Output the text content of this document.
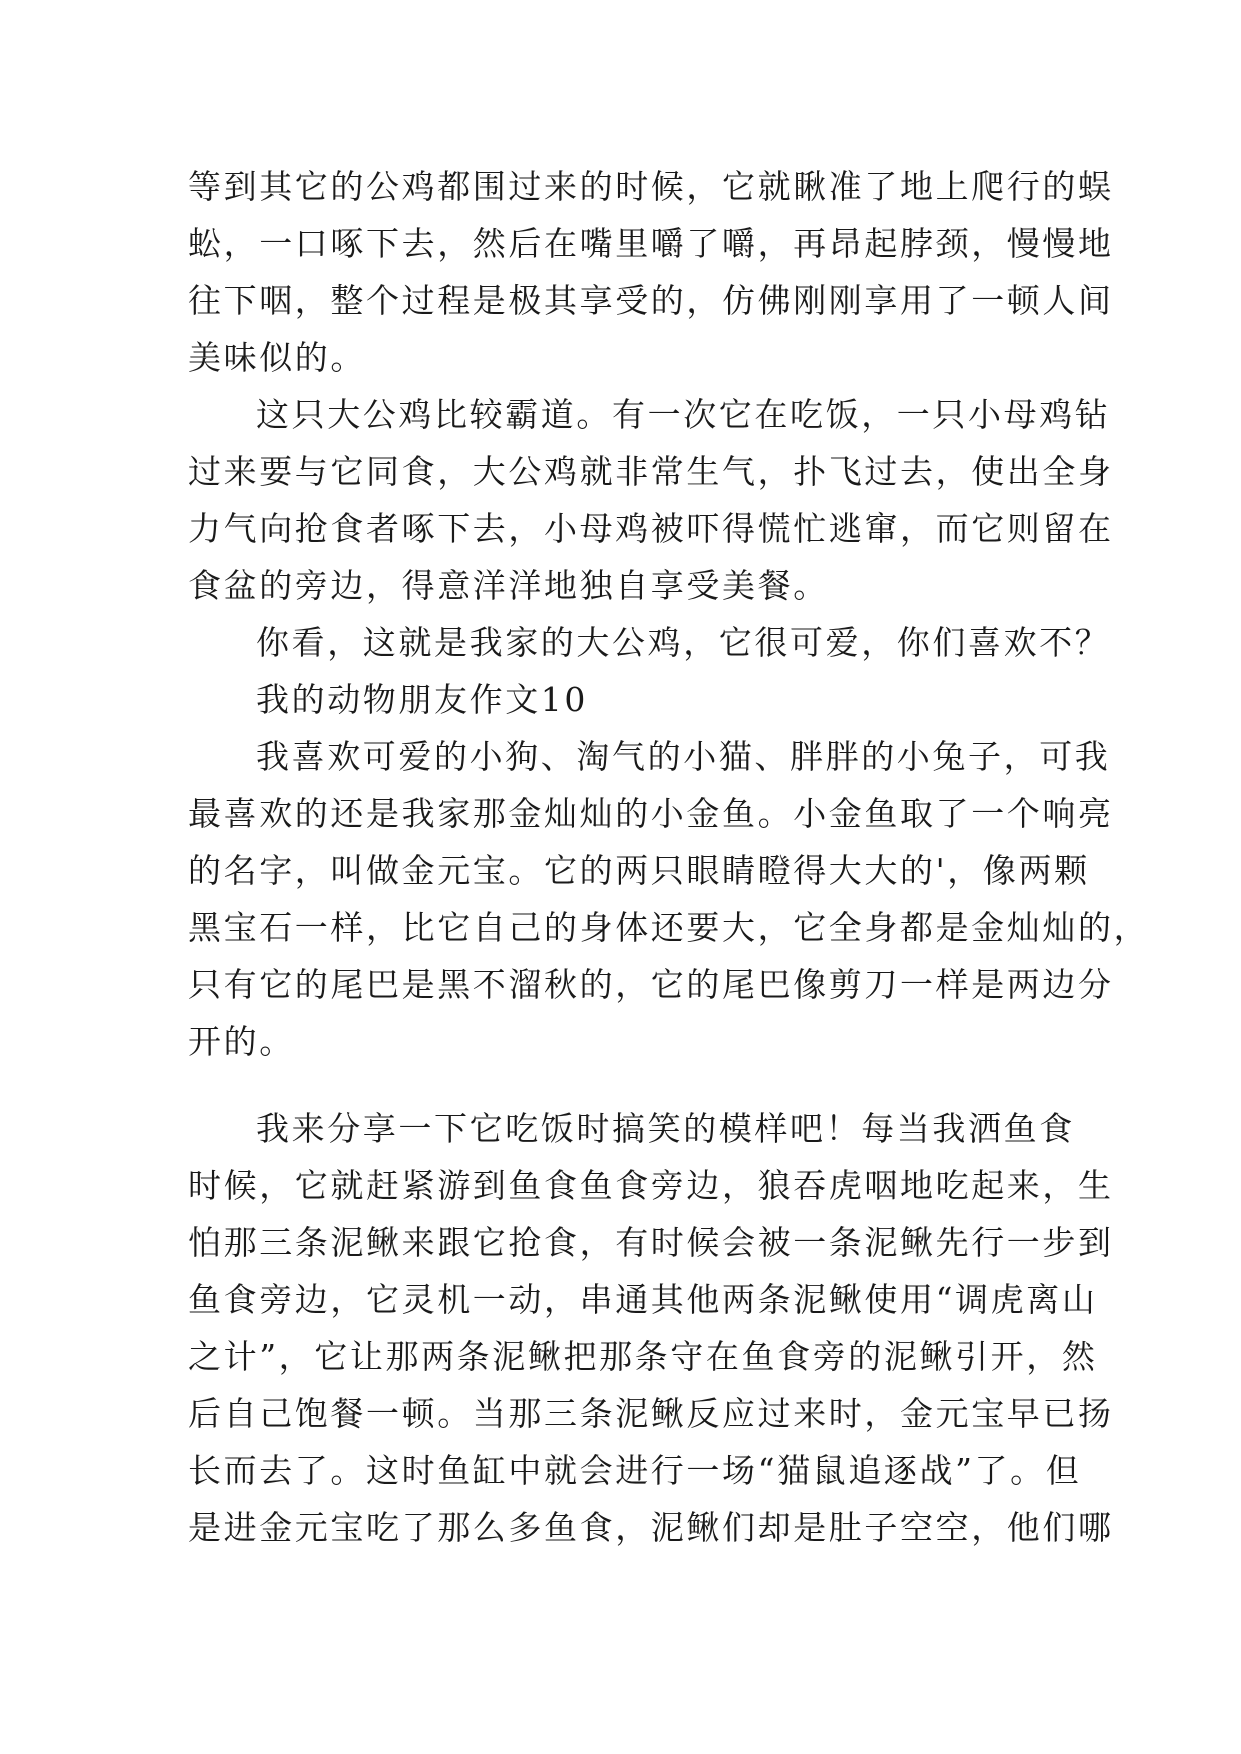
等到其它的公鸡都围过来的时候，它就瞅准了地上爬行的蜈
蚣，一口啄下去，然后在嘴里嚼了嚼，再昂起脖颈，慢慢地
往下咽，整个过程是极其享受的，仿佛刚刚享用了一顿人间
美味似的。
这只大公鸡比较霸道。有一次它在吃饭，一只小母鸡钻
过来要与它同食，大公鸡就非常生气，扑飞过去，使出全身
力气向抢食者啄下去，小母鸡被吓得慌忙逃窜，而它则留在
食盆的旁边，得意洋洋地独自享受美餐。
你看，这就是我家的大公鸡，它很可爱，你们喜欢不？
我的动物朋友作文10
我喜欢可爱的小狗、淘气的小猫、胖胖的小兔子，可我
最喜欢的还是我家那金灿灿的小金鱼。小金鱼取了一个响亮
的名字，叫做金元宝。它的两只眼睛瞪得大大的'，像两颗
黑宝石一样，比它自己的身体还要大，它全身都是金灿灿的，
只有它的尾巴是黑不溜秋的，它的尾巴像剪刀一样是两边分
开的。
我来分享一下它吃饭时搞笑的模样吧！每当我洒鱼食
时候，它就赶紧游到鱼食鱼食旁边，狼吞虎咽地吃起来，生
怕那三条泥鳅来跟它抢食，有时候会被一条泥鳅先行一步到
鱼食旁边，它灵机一动，串通其他两条泥鳅使用“调虎离山
之计”，它让那两条泥鳅把那条守在鱼食旁的泥鳅引开，然
后自己饱餐一顿。当那三条泥鳅反应过来时，金元宝早已扬
长而去了。这时鱼缸中就会进行一场“猫鼠追逐战”了。但
是进金元宝吃了那么多鱼食，泥鳅们却是肚子空空，他们哪
